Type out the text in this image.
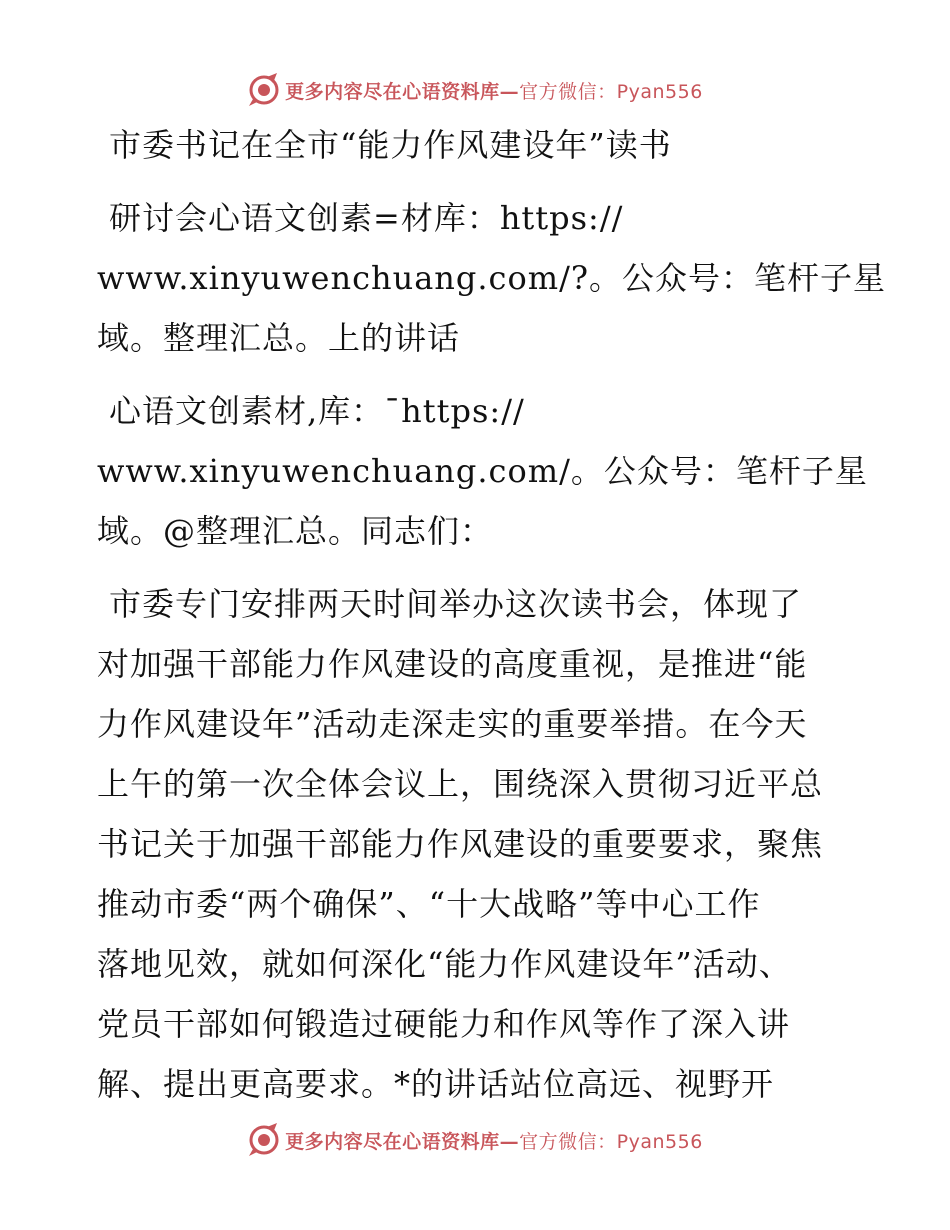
更多内容尽在心语资料库—官方微信：Pyan556
市委书记在全市“能力作风建设年”读书
研讨会心语文创素=材库：https://
www.xinyuwenchuang.com/?。公众号：笔杆子星
域。整理汇总。上的讲话
心语文创素材,库：¯https://
www.xinyuwenchuang.com/。公众号：笔杆子星
域。@整理汇总。同志们：
市委专门安排两天时间举办这次读书会，体现了
对加强干部能力作风建设的高度重视，是推进“能
力作风建设年”活动走深走实的重要举措。在今天
上午的第一次全体会议上，围绕深入贯彻习近平总
书记关于加强干部能力作风建设的重要要求，聚焦
推动市委“两个确保”、“十大战略”等中心工作
落地见效，就如何深化“能力作风建设年”活动、
党员干部如何锻造过硬能力和作风等作了深入讲
解、提出更高要求。*的讲话站位高远、视野开
更多内容尽在心语资料库—官方微信：Pyan556
